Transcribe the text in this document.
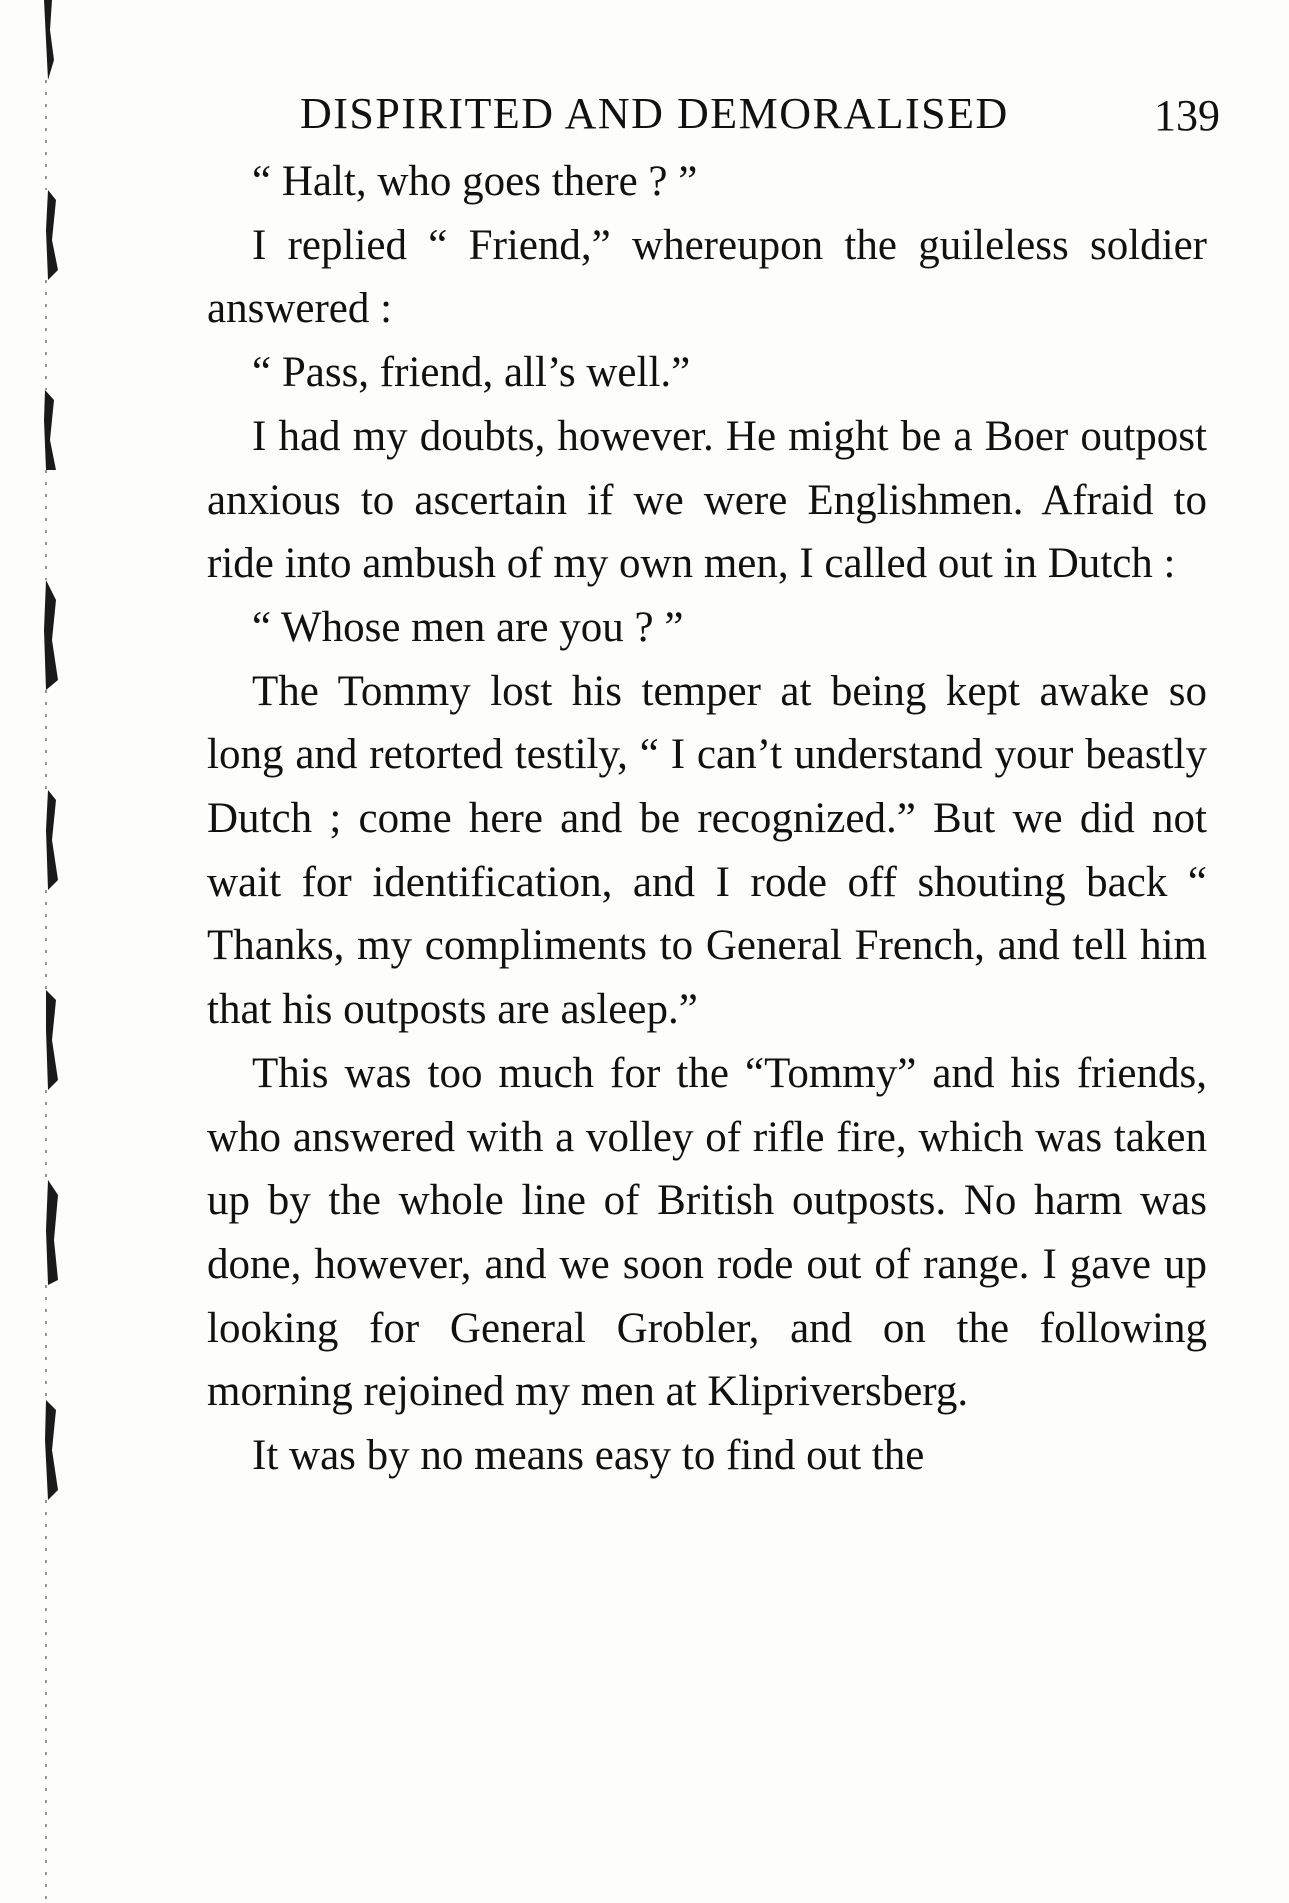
DISPIRITED AND DEMORALISED	139

“ Halt, who goes there ? ”

I replied “ Friend,” whereupon the guileless soldier answered :

“ Pass, friend, all’s well.”

I had my doubts, however. He might be a Boer outpost anxious to ascertain if we were Englishmen. Afraid to ride into ambush of my own men, I called out in Dutch :

“ Whose men are you ? ”

The Tommy lost his temper at being kept awake so long and retorted testily, “ I can’t understand your beastly Dutch ; come here and be recognized.” But we did not wait for identification, and I rode off shouting back “ Thanks, my compliments to General French, and tell him that his outposts are asleep.”

This was too much for the “Tommy” and his friends, who answered with a volley of rifle fire, which was taken up by the whole line of British outposts. No harm was done, however, and we soon rode out of range. I gave up looking for General Grobler, and on the following morning rejoined my men at Klipriversberg.

It was by no means easy to find out the
